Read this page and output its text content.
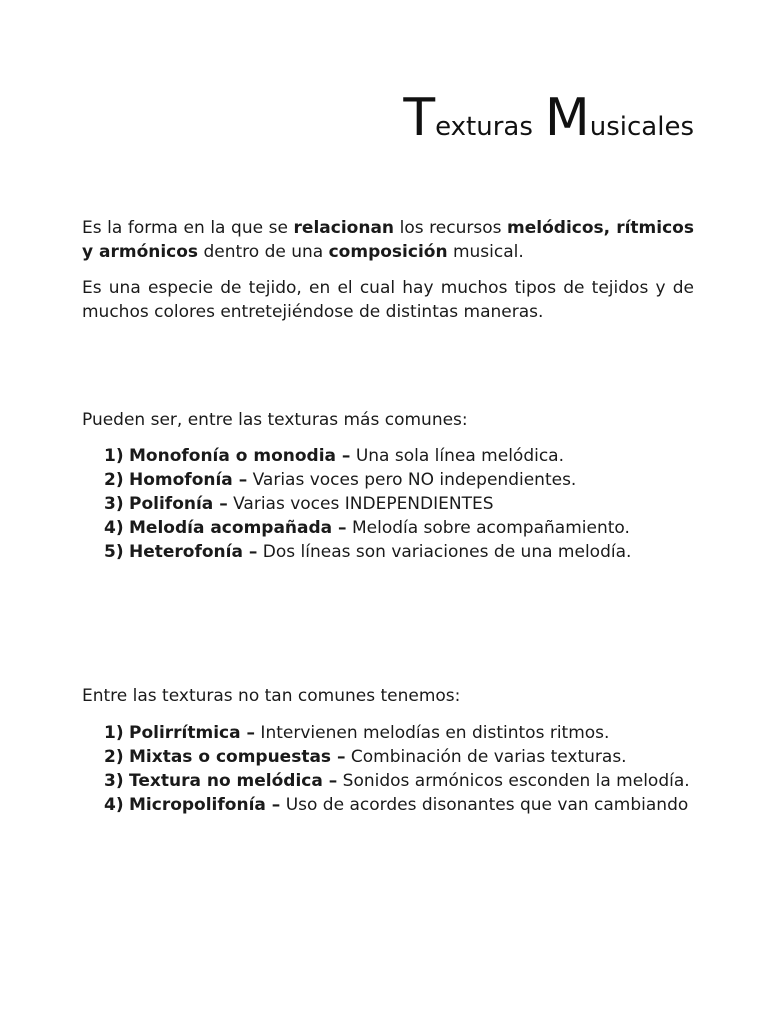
Texturas Musicales

Es la forma en la que se relacionan los recursos melódicos, rítmicos y armónicos dentro de una composición musical.

Es una especie de tejido, en el cual hay muchos tipos de tejidos y de muchos colores entretejiéndose de distintas maneras.

Pueden ser, entre las texturas más comunes:

1) Monofonía o monodia – Una sola línea melódica.
2) Homofonía – Varias voces pero NO independientes.
3) Polifonía – Varias voces INDEPENDIENTES
4) Melodía acompañada – Melodía sobre acompañamiento.
5) Heterofonía – Dos líneas son variaciones de una melodía.

Entre las texturas no tan comunes tenemos:

1) Polirrítmica – Intervienen melodías en distintos ritmos.
2) Mixtas o compuestas – Combinación de varias texturas.
3) Textura no melódica – Sonidos armónicos esconden la melodía.
4) Micropolifonía – Uso de acordes disonantes que van cambiando
